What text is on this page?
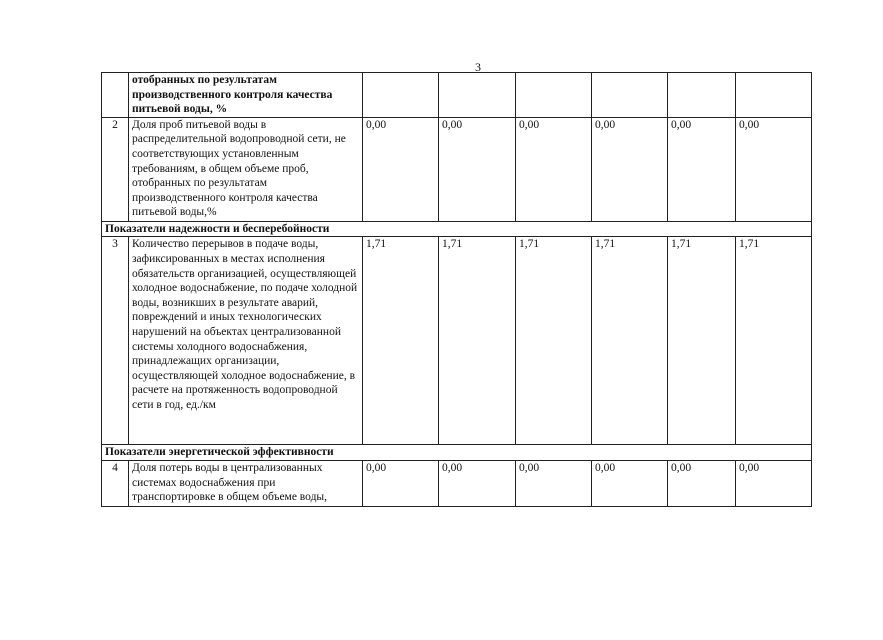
3
	отобранных по результатам производственного контроля качества питьевой воды, %						
2	Доля проб питьевой воды в распределительной водопроводной сети, не соответствующих установленным требованиям, в общем объеме проб, отобранных по результатам производственного контроля качества питьевой воды,%	0,00	0,00	0,00	0,00	0,00	0,00
Показатели надежности и бесперебойности							
3	Количество перерывов в подаче воды, зафиксированных в местах исполнения обязательств организацией, осуществляющей холодное водоснабжение, по подаче холодной воды, возникших в результате аварий, повреждений и иных технологических нарушений на объектах централизованной системы холодного водоснабжения, принадлежащих организации, осуществляющей холодное водоснабжение, в расчете на протяженность водопроводной сети в год, ед./км	1,71	1,71	1,71	1,71	1,71	1,71
Показатели энергетической эффективности							
4	Доля потерь воды в централизованных системах водоснабжения при транспортировке в общем объеме воды,	0,00	0,00	0,00	0,00	0,00	0,00
